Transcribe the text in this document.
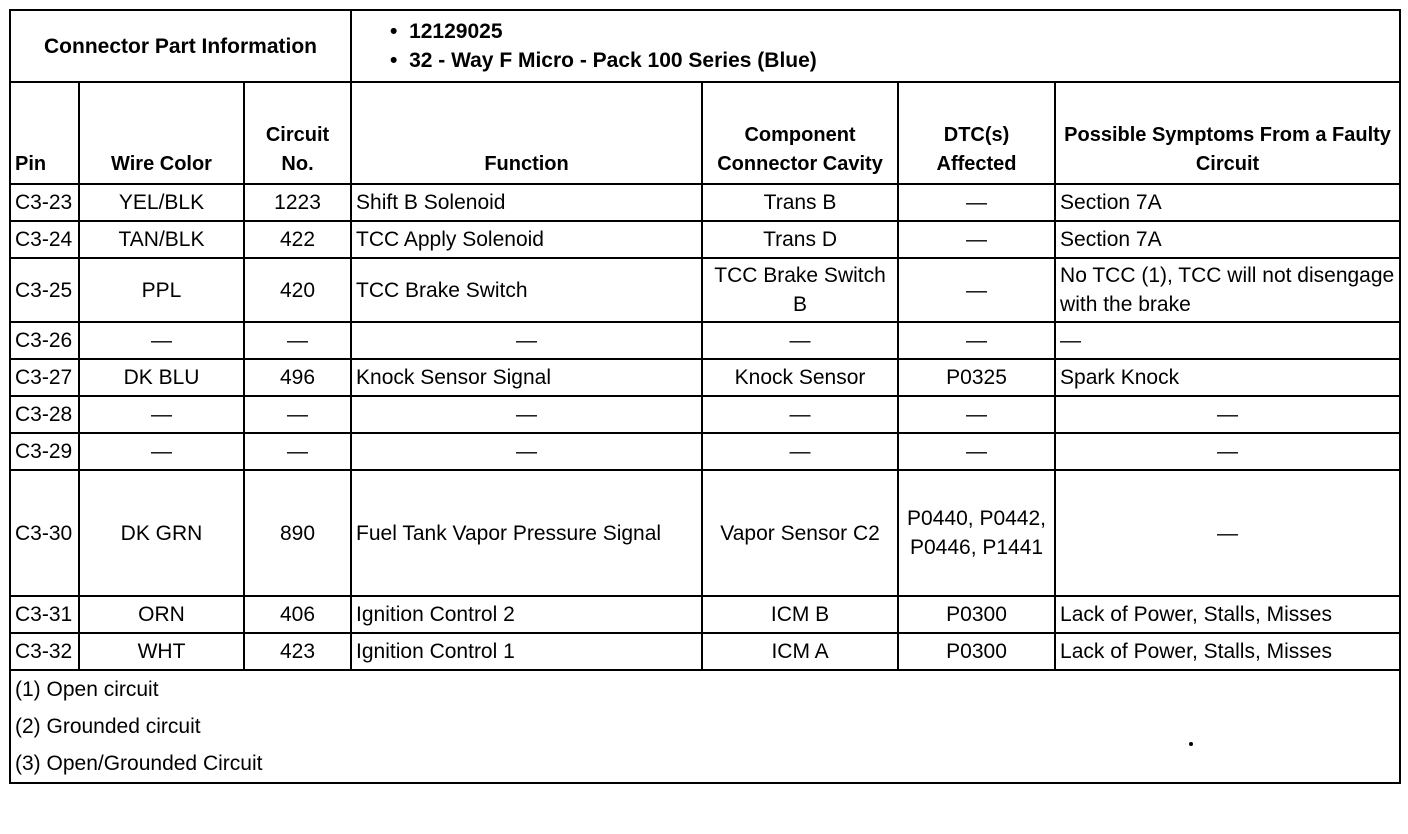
Connector Part Information			•  12129025
•  32 - Way F Micro - Pack 100 Series (Blue)			

Pin	Wire Color	Circuit No.	Function	Component Connector Cavity	DTC(s) Affected	Possible Symptoms From a Faulty Circuit
C3-23	YEL/BLK	1223	Shift B Solenoid	Trans B	—	Section 7A
C3-24	TAN/BLK	422	TCC Apply Solenoid	Trans D	—	Section 7A
C3-25	PPL	420	TCC Brake Switch	TCC Brake Switch B	—	No TCC (1), TCC will not disengage with the brake
C3-26	—	—	—	—	—	—
C3-27	DK BLU	496	Knock Sensor Signal	Knock Sensor	P0325	Spark Knock
C3-28	—	—	—	—	—	—
C3-29	—	—	—	—	—	—
C3-30	DK GRN	890	Fuel Tank Vapor Pressure Signal	Vapor Sensor C2	P0440, P0442, P0446, P1441	—
C3-31	ORN	406	Ignition Control 2	ICM B	P0300	Lack of Power, Stalls, Misses
C3-32	WHT	423	Ignition Control 1	ICM A	P0300	Lack of Power, Stalls, Misses

(1) Open circuit
(2) Grounded circuit
(3) Open/Grounded Circuit						
